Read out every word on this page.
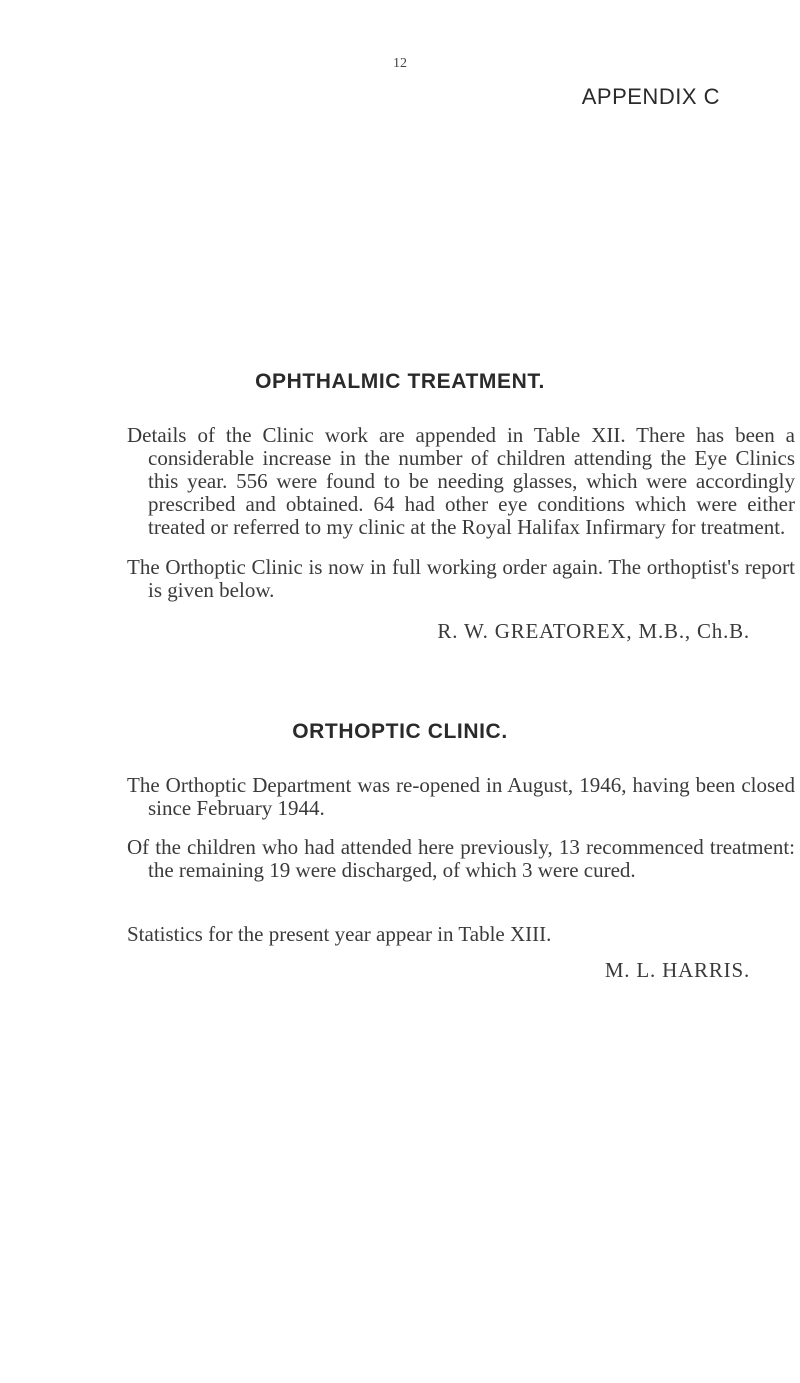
12
APPENDIX C
OPHTHALMIC TREATMENT.

Details of the Clinic work are appended in Table XII. There has been a considerable increase in the number of children attending the Eye Clinics this year. 556 were found to be needing glasses, which were accordingly prescribed and obtained. 64 had other eye conditions which were either treated or referred to my clinic at the Royal Halifax Infirmary for treatment.

The Orthoptic Clinic is now in full working order again. The orthoptist's report is given below.

R. W. GREATOREX, M.B., Ch.B.
ORTHOPTIC CLINIC.

The Orthoptic Department was re-opened in August, 1946, having been closed since February 1944.

Of the children who had attended here previously, 13 recommenced treatment: the remaining 19 were discharged, of which 3 were cured.

Statistics for the present year appear in Table XIII.

M. L. HARRIS.
